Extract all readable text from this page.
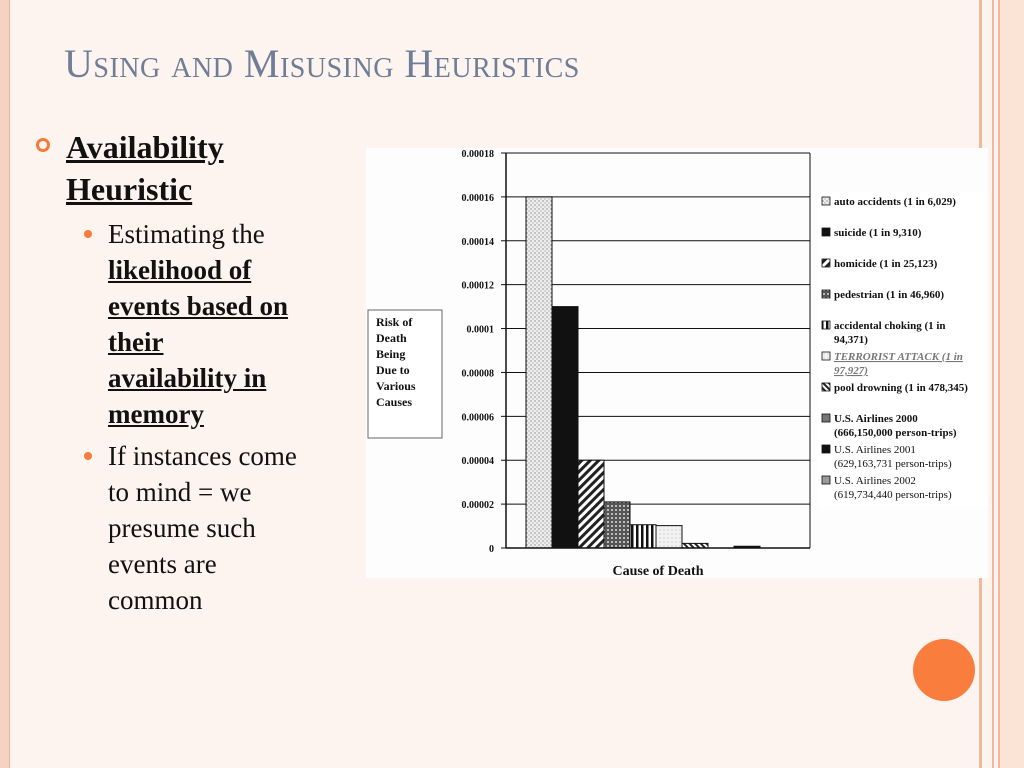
Using and Misusing Heuristics
Availability
Heuristic
Estimating the
likelihood of
events based on
their
availability in
memory
If instances come
to mind = we
presume such
events are
common
0.00018
0.00016
0.00014
0.00012
0.0001
0.00008
0.00006
0.00004
0.00002
0
Cause of Death
Risk of
Death
Being
Due to
Various
Causes
auto accidents (1 in 6,029)
suicide (1 in 9,310)
homicide (1 in 25,123)
pedestrian (1 in 46,960)
accidental choking (1 in
94,371)
TERRORIST ATTACK (1 in
97,927)
pool drowning (1 in 478,345)
U.S. Airlines 2000
(666,150,000 person-trips)
U.S. Airlines 2001
(629,163,731 person-trips)
U.S. Airlines 2002
(619,734,440 person-trips)
